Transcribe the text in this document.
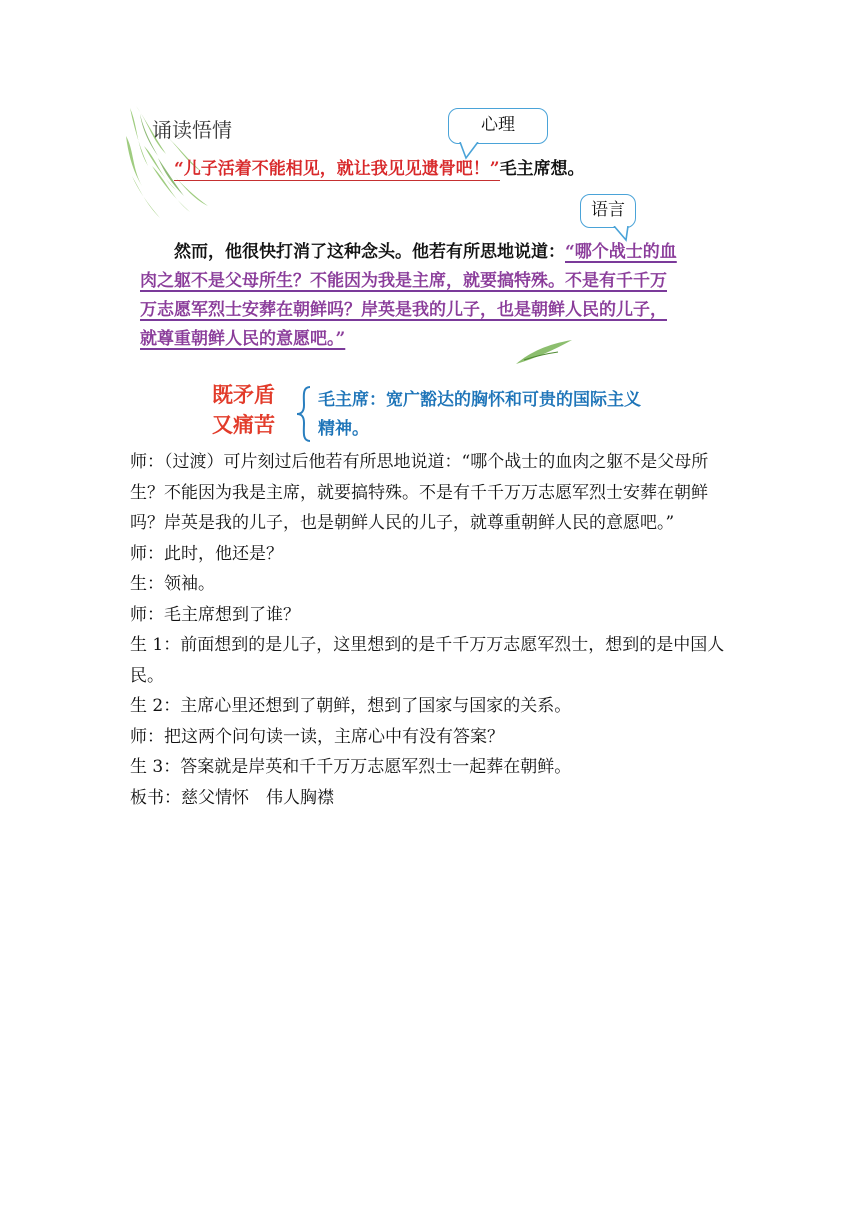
诵读悟情	心理
语言
“儿子活着不能相见，就让我见见遗骨吧！”毛主席想。
然而，他很快打消了这种念头。他若有所思地说道：“哪个战士的血肉之躯不是父母所生？不能因为我是主席，就要搞特殊。不是有千千万万志愿军烈士安葬在朝鲜吗？岸英是我的儿子，也是朝鲜人民的儿子，就尊重朝鲜人民的意愿吧。”
既矛盾
又痛苦
毛主席：宽广豁达的胸怀和可贵的国际主义精神。

师：（过渡）可片刻过后他若有所思地说道：“哪个战士的血肉之躯不是父母所生？不能因为我是主席，就要搞特殊。不是有千千万万志愿军烈士安葬在朝鲜吗？岸英是我的儿子，也是朝鲜人民的儿子，就尊重朝鲜人民的意愿吧。”

师：此时，他还是？

生：领袖。

师：毛主席想到了谁？

生 1：前面想到的是儿子，这里想到的是千千万万志愿军烈士，想到的是中国人民。

生 2：主席心里还想到了朝鲜，想到了国家与国家的关系。

师：把这两个问句读一读，主席心中有没有答案？

生 3：答案就是岸英和千千万万志愿军烈士一起葬在朝鲜。

板书：慈父情怀　伟人胸襟
